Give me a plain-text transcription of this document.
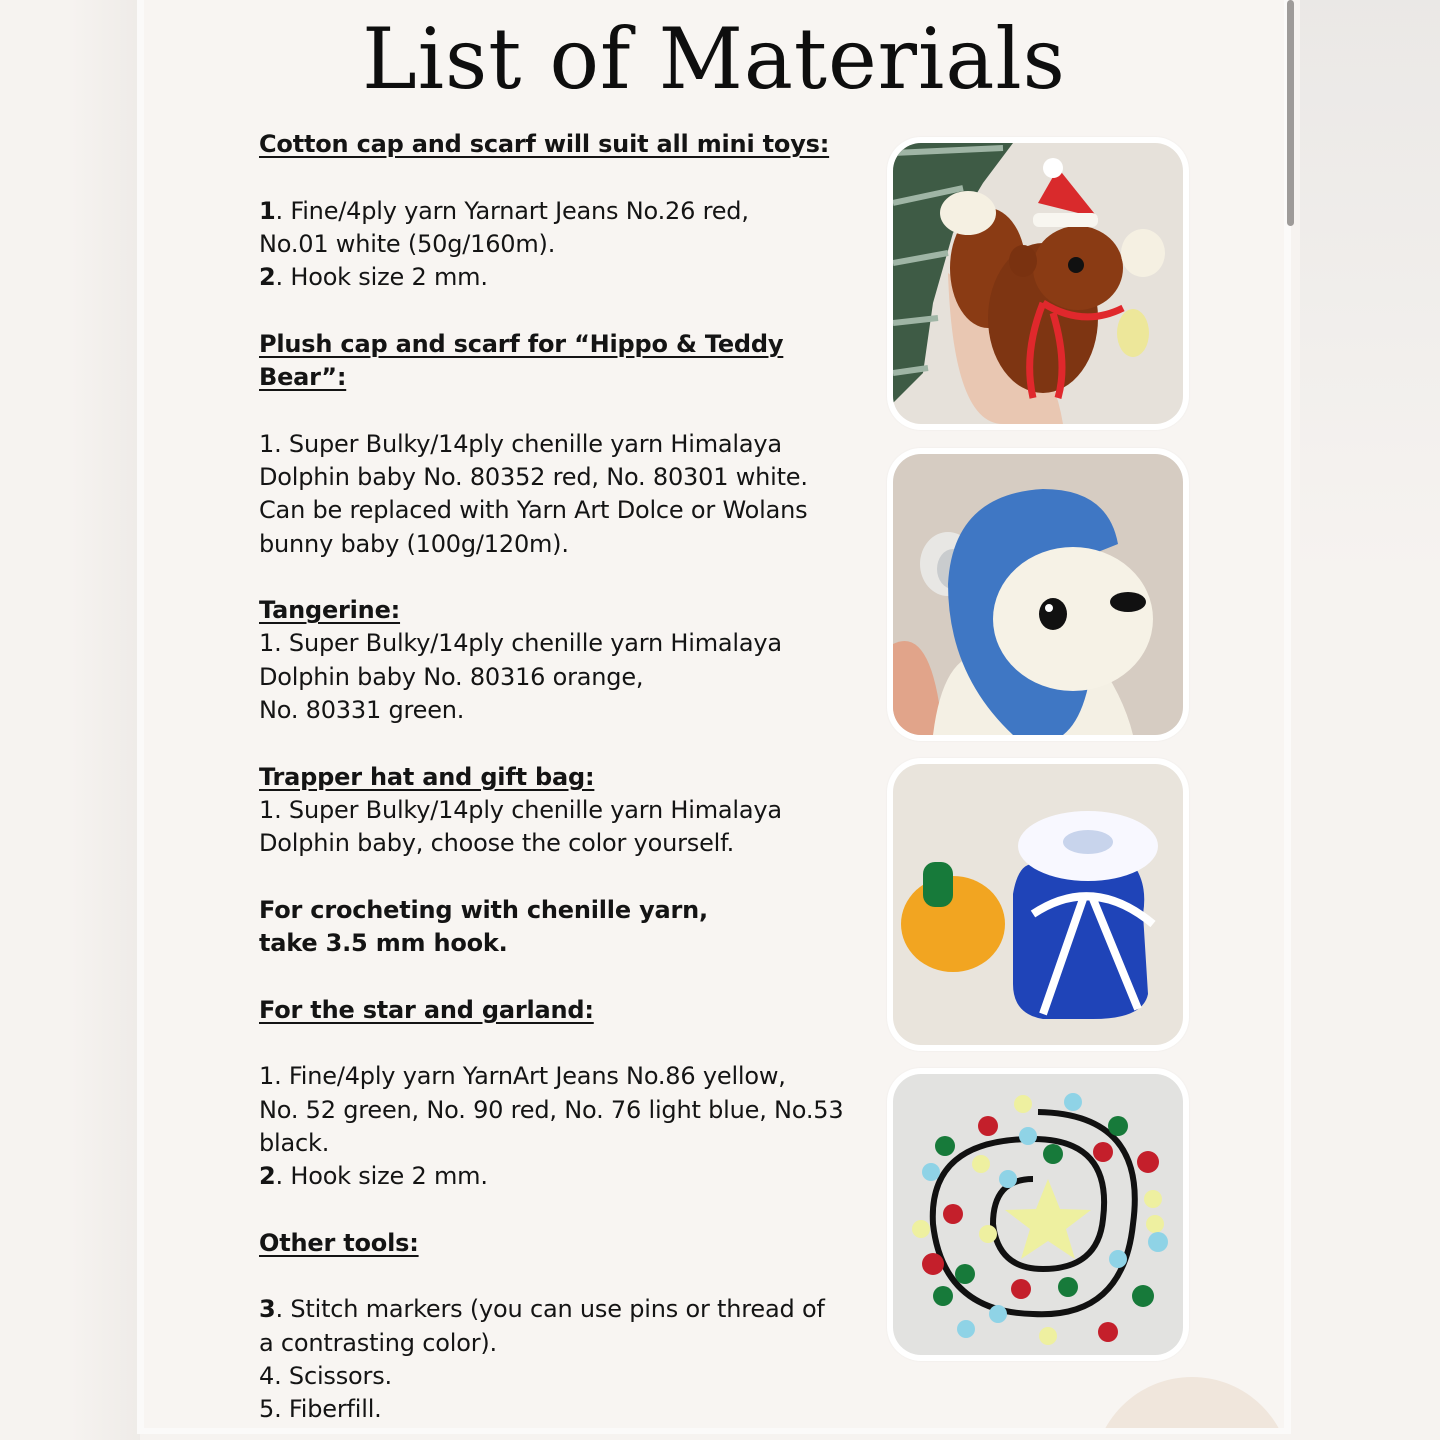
List of Materials

Cotton cap and scarf will suit all mini toys:

1. Fine/4ply yarn Yarnart Jeans No.26 red,

No.01 white (50g/160m).

2. Hook size 2 mm.

Plush cap and scarf for “Hippo & Teddy Bear”:

1. Super Bulky/14ply chenille yarn Himalaya

Dolphin baby No. 80352 red, No. 80301 white.

Can be replaced with Yarn Art Dolce or Wolans

bunny baby (100g/120m).

Tangerine:

1. Super Bulky/14ply chenille yarn Himalaya

Dolphin baby No. 80316 orange,

No. 80331 green.

Trapper hat and gift bag:

1. Super Bulky/14ply chenille yarn Himalaya

Dolphin baby, choose the color yourself.

For crocheting with chenille yarn,

take 3.5 mm hook.

For the star and garland:

1. Fine/4ply yarn YarnArt Jeans No.86 yellow,

No. 52 green, No. 90 red, No. 76 light blue, No.53

black.

2. Hook size 2 mm.

Other tools:

3. Stitch markers (you can use pins or thread of

a contrasting color).

4. Scissors.

5. Fiberfill.
